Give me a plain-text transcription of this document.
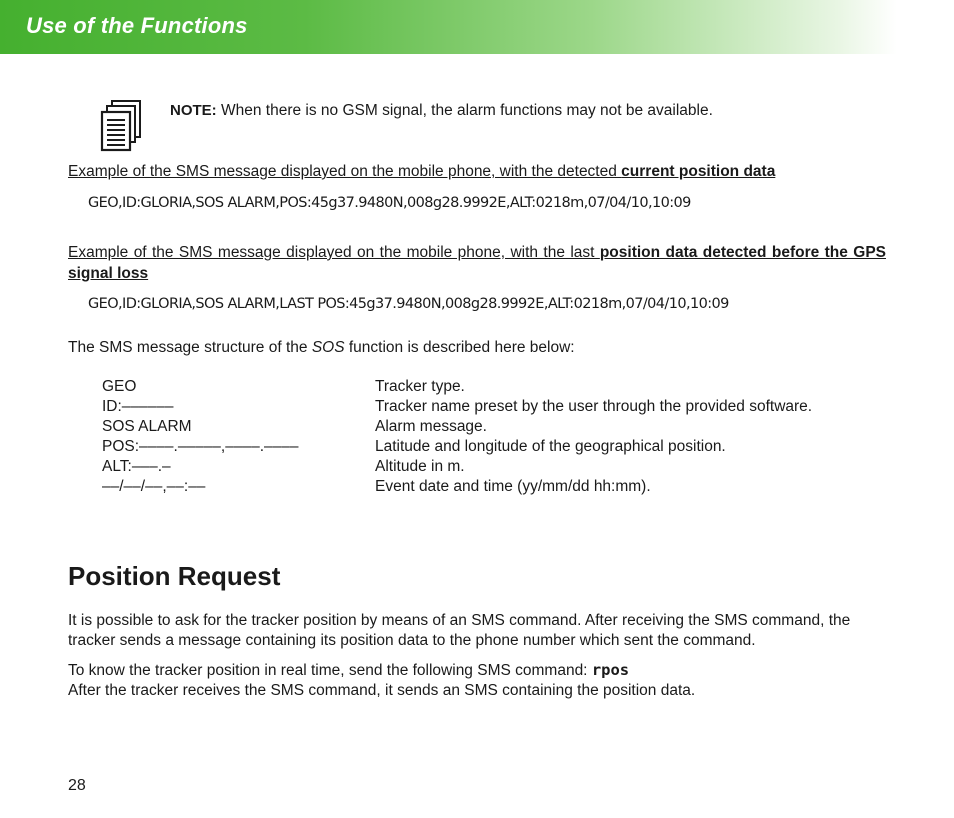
Use of the Functions
NOTE: When there is no GSM signal, the alarm functions may not be available.
Example of the SMS message displayed on the mobile phone, with the detected current position data
GEO,ID:GLORIA,SOS ALARM,POS:45g37.9480N,008g28.9992E,ALT:0218m,07/04/10,10:09
Example of the SMS message displayed on the mobile phone, with the last position data detected before the GPS signal loss
GEO,ID:GLORIA,SOS ALARM,LAST POS:45g37.9480N,008g28.9992E,ALT:0218m,07/04/10,10:09
The SMS message structure of the SOS function is described here below:
GEO	Tracker type.
ID:––––––	Tracker name preset by the user through the provided software.
SOS ALARM	Alarm message.
POS:––––.–––––,––––.––––	Latitude and longitude of the geographical position.
ALT:–––.–	Altitude in m.
––/––/––,––:––	Event date and time (yy/mm/dd hh:mm).
Position Request
It is possible to ask for the tracker position by means of an SMS command. After receiving the SMS command, the tracker sends a message containing its position data to the phone number which sent the command.
To know the tracker position in real time, send the following SMS command: rpos
After the tracker receives the SMS command, it sends an SMS containing the position data.
28
